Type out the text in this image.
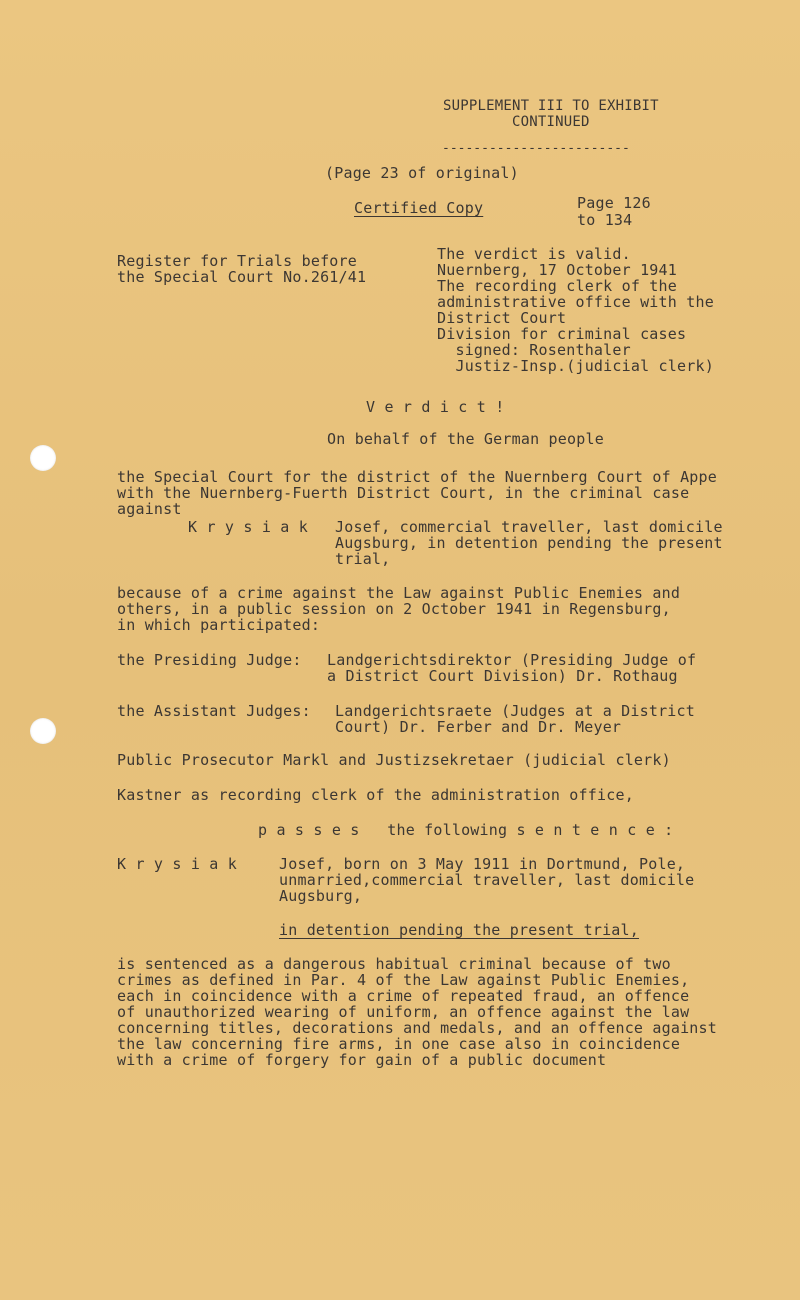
SUPPLEMENT III TO EXHIBIT

CONTINUED

------------------------

(Page 23 of original)

Certified Copy	Page 126

to 134

Register for Trials before

the Special Court No.261/41

The verdict is valid.

Nuernberg, 17 October 1941

The recording clerk of the

administrative office with the

District Court

Division for criminal cases

signed: Rosenthaler

Justiz-Insp.(judicial clerk)

V e r d i c t !

On behalf of the German people

the Special Court for the district of the Nuernberg Court of Appe

with the Nuernberg-Fuerth District Court, in the criminal case

against

K r y s i a k Josef, commercial traveller, last domicile

Augsburg, in detention pending the present

trial,

because of a crime against the Law against Public Enemies and

others, in a public session on 2 October 1941 in Regensburg,

in which participated:

the Presiding Judge: Landgerichtsdirektor (Presiding Judge of

a District Court Division) Dr. Rothaug

the Assistant Judges: Landgerichtsraete (Judges at a District

Court) Dr. Ferber and Dr. Meyer

Public Prosecutor Markl and Justizsekretaer (judicial clerk)

Kastner as recording clerk of the administration office,

p a s s e s   the following s e n t e n c e :

K r y s i a k	Josef, born on 3 May 1911 in Dortmund, Pole,

unmarried,commercial traveller, last domicile

Augsburg,

in detention pending the present trial,

is sentenced as a dangerous habitual criminal because of two

crimes as defined in Par. 4 of the Law against Public Enemies,

each in coincidence with a crime of repeated fraud, an offence

of unauthorized wearing of uniform, an offence against the law

concerning titles, decorations and medals, and an offence against

the law concerning fire arms, in one case also in coincidence

with a crime of forgery for gain of a public document
